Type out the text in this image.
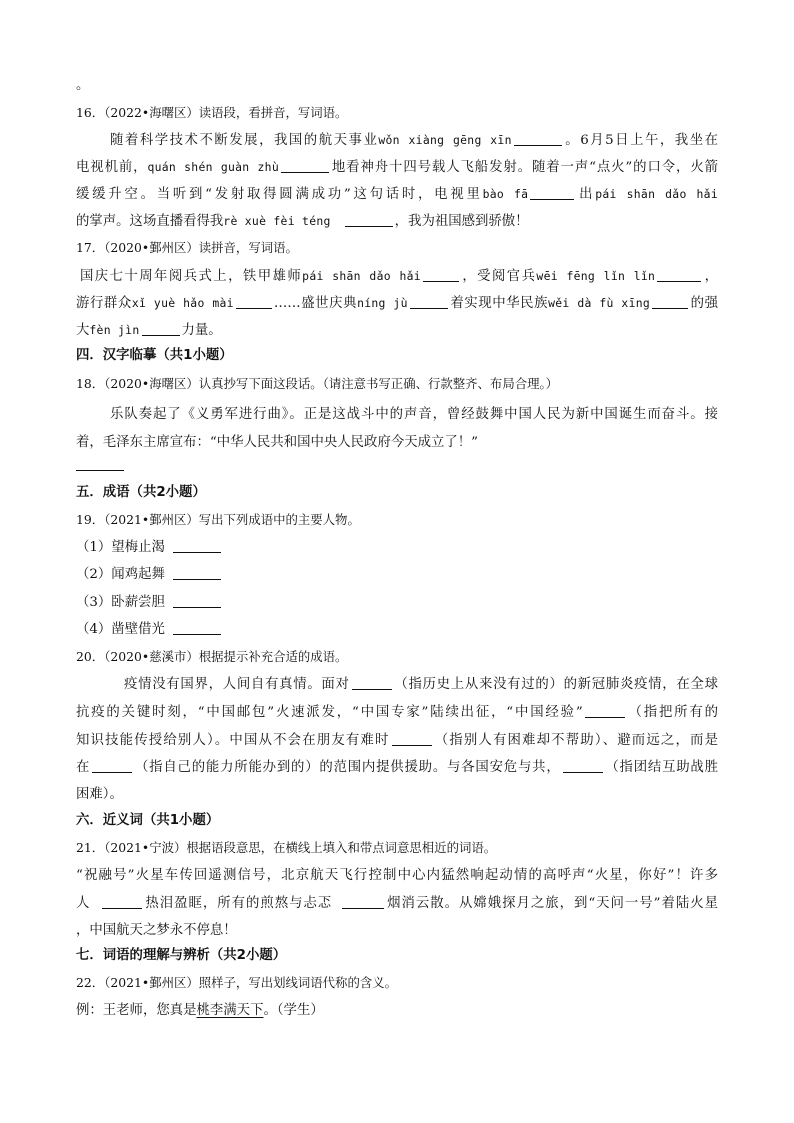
。
16．（2022•海曙区）读语段，看拼音，写词语。
随着科学技术不断发展，我国的航天事业wǒn xiàng gēng xīn	。6月5日上午，我坐在
电视机前，quán shén guàn zhù	地看神舟十四号载人飞船发射。随着一声“点火”的口令，火箭
缓缓升空。当听到“发射取得圆满成功”这句话时，电视里bào fā	出pái shān dǎo hǎi
的掌声。这场直播看得我rè xuè fèi téng	，我为祖国感到骄傲！
17．（2020•鄞州区）读拼音，写词语。
国庆七十周年阅兵式上，铁甲雄师pái shān dǎo hǎi	，受阅官兵wēi fēng lǐn lǐn	，
游行群众xǐ yuè hǎo mài	……盛世庆典níng jù	着实现中华民族wěi dà fù xīng	的强
大fèn jìn	力量。
四．汉字临摹（共1小题）
18．（2020•海曙区）认真抄写下面这段话。（请注意书写正确、行款整齐、布局合理。）
乐队奏起了《义勇军进行曲》。正是这战斗中的声音，曾经鼓舞中国人民为新中国诞生而奋斗。接
着，毛泽东主席宣布：“中华人民共和国中央人民政府今天成立了！”
五．成语（共2小题）
19．（2021•鄞州区）写出下列成语中的主要人物。
（1）望梅止渴
（2）闻鸡起舞
（3）卧薪尝胆
（4）凿壁借光
20．（2020•慈溪市）根据提示补充合适的成语。
疫情没有国界，人间自有真情。面对	（指历史上从来没有过的）的新冠肺炎疫情，在全球
抗疫的关键时刻，“中国邮包”火速派发，“中国专家”陆续出征，“中国经验”	（指把所有的
知识技能传授给别人）。中国从不会在朋友有难时	（指别人有困难却不帮助）、避而远之，而是
在	（指自己的能力所能办到的）的范围内提供援助。与各国安危与共，	（指团结互助战胜
困难）。
六．近义词（共1小题）
21．（2021•宁波）根据语段意思，在横线上填入和带点词意思相近的词语。
“祝融号”火星车传回遥测信号，北京航天飞行控制中心内猛然响起动情的高呼声“火星，你好”！许多
人	热泪盈眶，所有的煎熬与忐忑	烟消云散。从嫦娥探月之旅，到“天问一号”着陆火星
，中国航天之梦永不停息！
七．词语的理解与辨析（共2小题）
22．（2021•鄞州区）照样子，写出划线词语代称的含义。
例：王老师，您真是桃李满天下。（学生）
